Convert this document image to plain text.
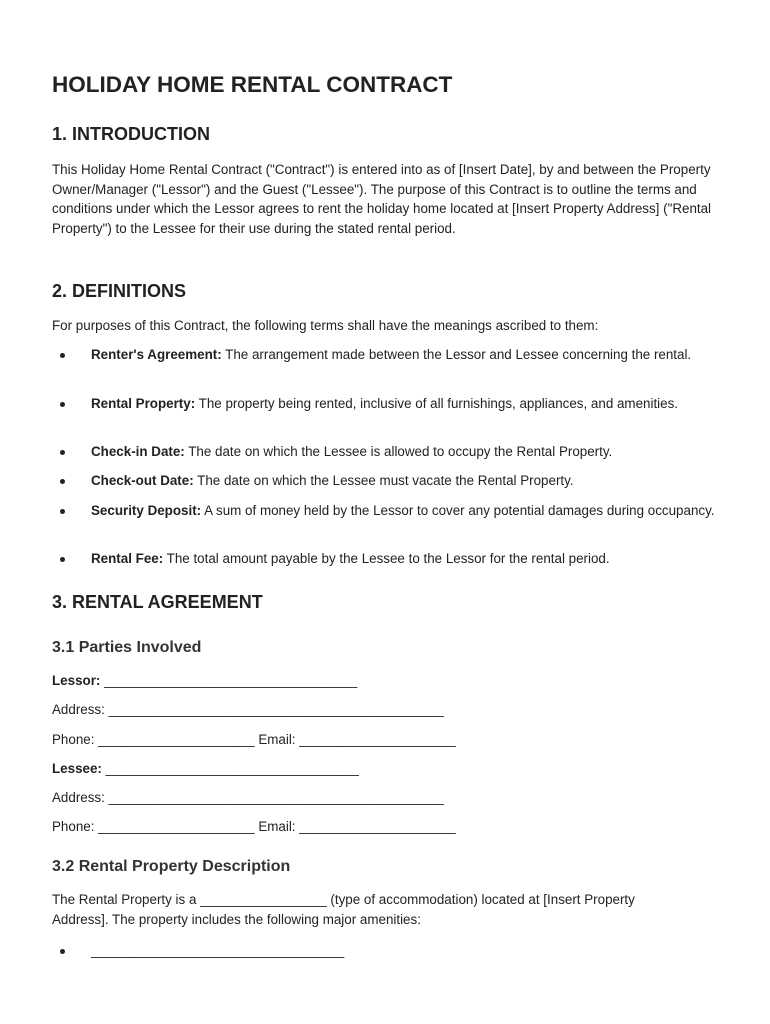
HOLIDAY HOME RENTAL CONTRACT
1. INTRODUCTION

This Holiday Home Rental Contract ("Contract") is entered into as of [Insert Date], by and between the Property Owner/Manager ("Lessor") and the Guest ("Lessee"). The purpose of this Contract is to outline the terms and conditions under which the Lessor agrees to rent the holiday home located at [Insert Property Address] ("Rental Property") to the Lessee for their use during the stated rental period.

2. DEFINITIONS

For purposes of this Contract, the following terms shall have the meanings ascribed to them:

Renter's Agreement: The arrangement made between the Lessor and Lessee concerning the rental.
Rental Property: The property being rented, inclusive of all furnishings, appliances, and amenities.
Check-in Date: The date on which the Lessee is allowed to occupy the Rental Property.
Check-out Date: The date on which the Lessee must vacate the Rental Property.
Security Deposit: A sum of money held by the Lessor to cover any potential damages during occupancy.
Rental Fee: The total amount payable by the Lessee to the Lessor for the rental period.
3. RENTAL AGREEMENT
3.1 Parties Involved
Lessor: __________________________________
Address: _____________________________________________
Phone: _____________________ Email: _____________________
Lessee: __________________________________
Address: _____________________________________________
Phone: _____________________ Email: _____________________
3.2 Rental Property Description

The Rental Property is a _________________ (type of accommodation) located at [Insert Property Address]. The property includes the following major amenities:

__________________________________
